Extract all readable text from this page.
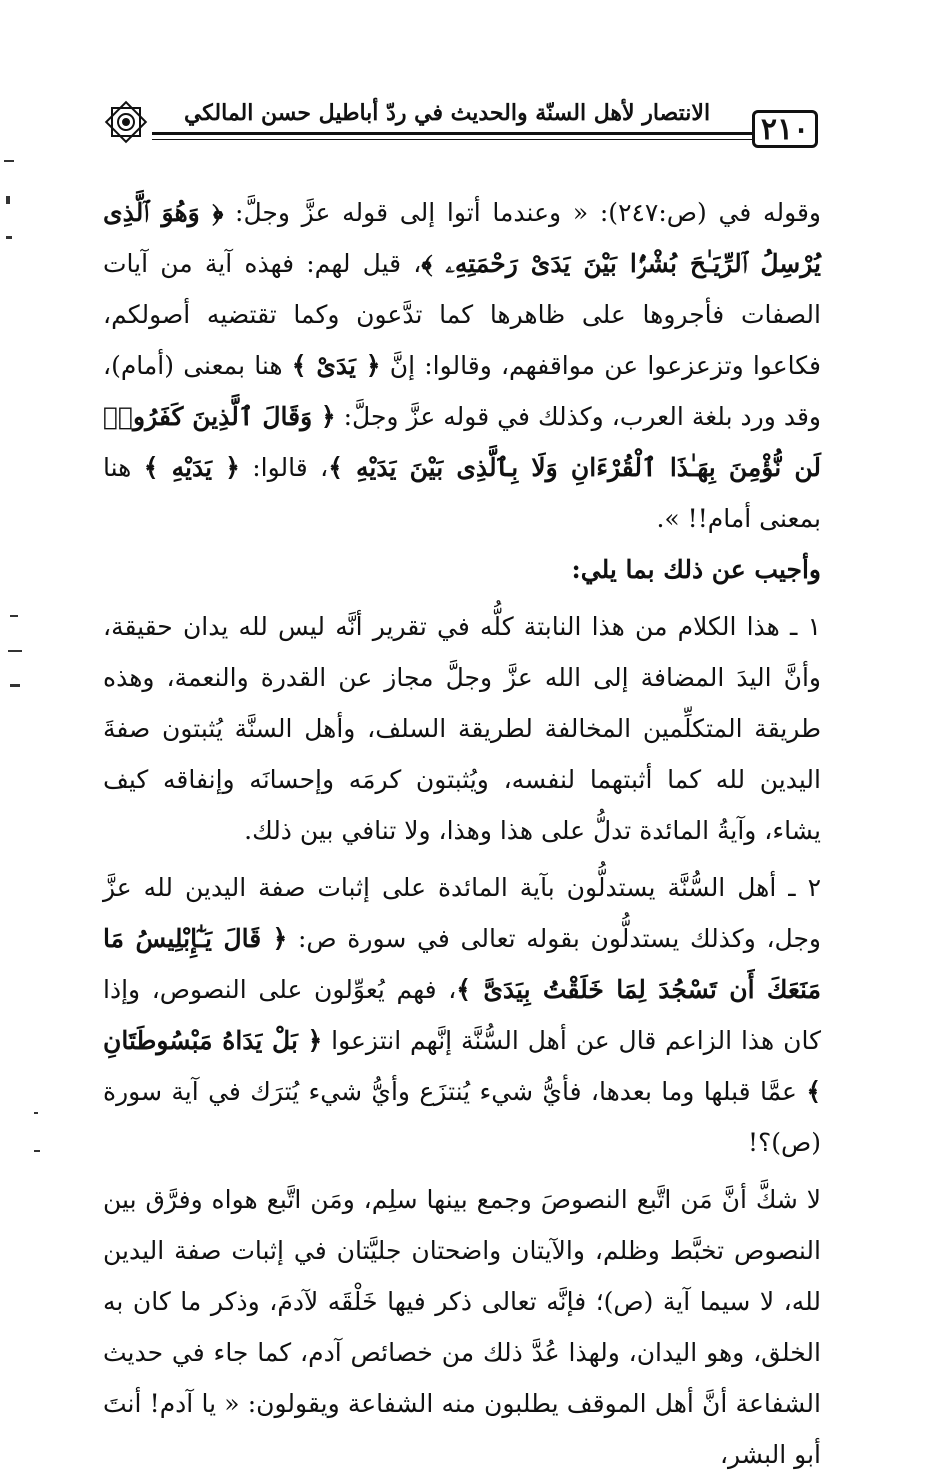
الانتصار لأهل السنّة والحديث في ردّ أباطيل حسن المالكي	٢١٠

وقوله في (ص:٢٤٧): « وعندما أتوا إلى قوله عزَّ وجلَّ: ﴿ وَهُوَ ٱلَّذِى يُرْسِلُ ٱلرِّيَـٰحَ بُشْرًۢا بَيْنَ يَدَىْ رَحْمَتِهِۦ ﴾، قيل لهم: فهذه آية من آيات الصفات فأجروها على ظاهرها كما تدَّعون وكما تقتضيه أصولكم، فكاعوا وتزعزعوا عن مواقفهم، وقالوا: إنَّ ﴿ يَدَىْ ﴾ هنا بمعنى (أمام)، وقد ورد بلغة العرب، وكذلك في قوله عزَّ وجلَّ: ﴿ وَقَالَ ٱلَّذِينَ كَفَرُوا۟ لَن نُّؤْمِنَ بِهَـٰذَا ٱلْقُرْءَانِ وَلَا بِٱلَّذِى بَيْنَ يَدَيْهِ ﴾، قالوا: ﴿ يَدَيْهِ ﴾ هنا بمعنى أمام!! ».

وأجيب عن ذلك بما يلي:

١ ـ هذا الكلام من هذا النابتة كلُّه في تقرير أنَّه ليس لله يدان حقيقة، وأنَّ اليدَ المضافة إلى الله عزَّ وجلَّ مجاز عن القدرة والنعمة، وهذه طريقة المتكلِّمين المخالفة لطريقة السلف، وأهل السنَّة يُثبتون صفةَ اليدين لله كما أثبتهما لنفسه، ويُثبتون كرمَه وإحسانَه وإنفاقه كيف يشاء، وآيةُ المائدة تدلُّ على هذا وهذا، ولا تنافي بين ذلك.

٢ ـ أهل السُّنَّة يستدلُّون بآية المائدة على إثبات صفة اليدين لله عزَّ وجل، وكذلك يستدلُّون بقوله تعالى في سورة ص: ﴿ قَالَ يَـٰٓإِبْلِيسُ مَا مَنَعَكَ أَن تَسْجُدَ لِمَا خَلَقْتُ بِيَدَىَّ ﴾، فهم يُعوِّلون على النصوص، وإذا كان هذا الزاعم قال عن أهل السُّنَّة إنَّهم انتزعوا ﴿ بَلْ يَدَاهُ مَبْسُوطَتَانِ ﴾ عمَّا قبلها وما بعدها، فأيُّ شيء يُنتزَع وأيُّ شيء يُترَك في آية سورة (ص)؟!

لا شكَّ أنَّ مَن اتَّبع النصوصَ وجمع بينها سلِم، ومَن اتَّبع هواه وفرَّق بين النصوص تخبَّط وظلم، والآيتان واضحتان جليَّتان في إثبات صفة اليدين لله، لا سيما آية (ص)؛ فإنَّه تعالى ذكر فيها خَلْقَه لآدمَ، وذكر ما كان به الخلق، وهو اليدان، ولهذا عُدَّ ذلك من خصائص آدم، كما جاء في حديث الشفاعة أنَّ أهل الموقف يطلبون منه الشفاعة ويقولون: « يا آدم! أنتَ أبو البشر،
